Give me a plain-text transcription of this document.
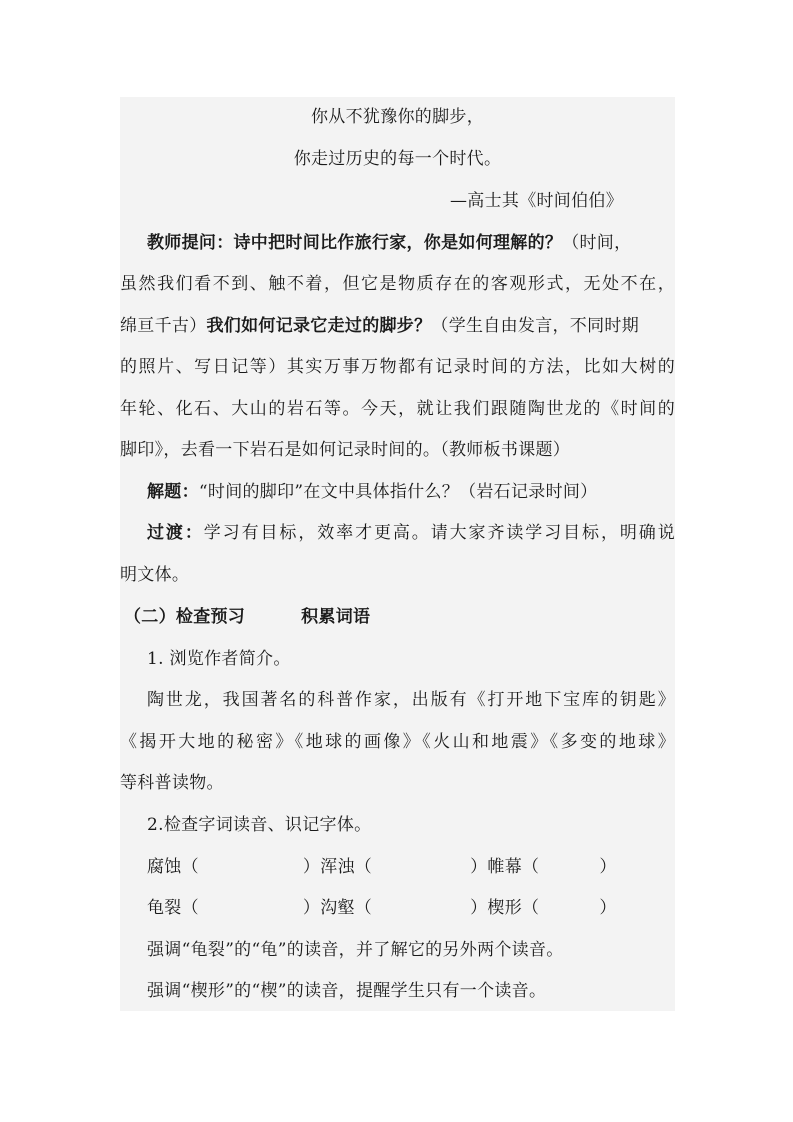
你从不犹豫你的脚步，
你走过历史的每一个时代。
—高士其《时间伯伯》
教师提问：诗中把时间比作旅行家，你是如何理解的？（时间，
虽然我们看不到、触不着，但它是物质存在的客观形式，无处不在，
绵亘千古）我们如何记录它走过的脚步？（学生自由发言，不同时期
的照片、写日记等）其实万事万物都有记录时间的方法，比如大树的
年轮、化石、大山的岩石等。今天，就让我们跟随陶世龙的《时间的
脚印》，去看一下岩石是如何记录时间的。（教师板书课题）
解题：“时间的脚印”在文中具体指什么？（岩石记录时间）
过渡：学习有目标，效率才更高。请大家齐读学习目标，明确说
明文体。
（二）检查预习	积累词语
1. 浏览作者简介。
陶世龙，我国著名的科普作家，出版有《打开地下宝库的钥匙》
《揭开大地的秘密》《地球的画像》《火山和地震》《多变的地球》
等科普读物。
2.检查字词读音、识记字体。
腐蚀（	）浑浊（	）帷幕（	）
龟裂（	）沟壑（	）楔形（	）
强调“龟裂”的“龟”的读音，并了解它的另外两个读音。
强调“楔形”的“楔”的读音，提醒学生只有一个读音。
